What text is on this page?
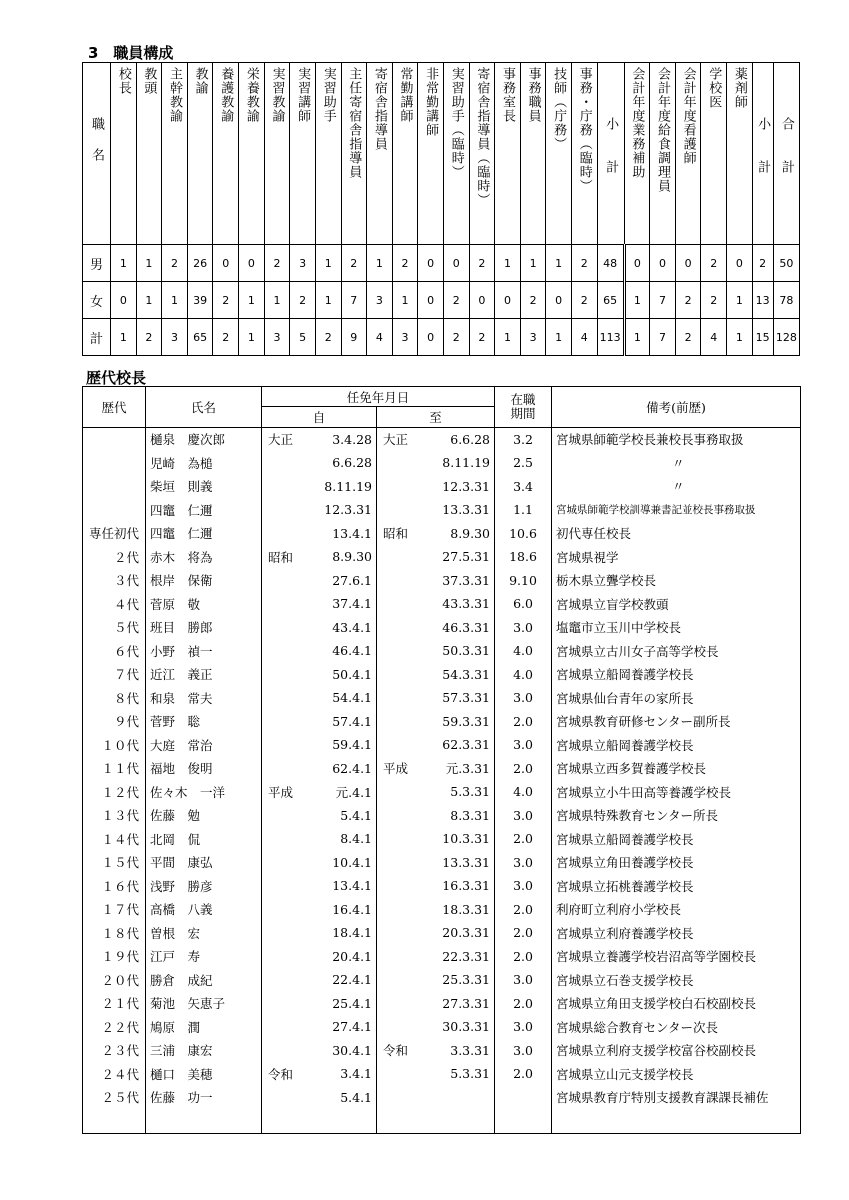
3　職員構成
職名	校長	教頭	主幹教諭	教諭	養護教諭	栄養教諭	実習教諭	実習講師	実習助手	主任寄宿舎指導員	寄宿舎指導員	常勤講師	非常勤講師	実習助手（臨時）	寄宿舎指導員（臨時）	事務室長	事務職員	技師（庁務）	事務・庁務（臨時）	小計	会計年度業務補助	会計年度給食調理員	会計年度看護師	学校医	薬剤師	小計	合計
男	1	1	2	26	0	0	2	3	1	2	1	2	0	0	2	1	1	1	2	48	0	0	0	2	0	2	50
女	0	1	1	39	2	1	1	2	1	7	3	1	0	2	0	0	2	0	2	65	1	7	2	2	1	13	78
計	1	2	3	65	2	1	3	5	2	9	4	3	0	2	2	1	3	1	4	113	1	7	2	4	1	15	128
歴代校長
歴代	氏名	任免年月日				在職期間	備考(前歴)
		自		至			
	樋泉　慶次郎	大正	3.4.28	大正	6.6.28	3.2	宮城県師範学校長兼校長事務取扱
	児崎　為槌		6.6.28		8.11.19	2.5	〃
	柴垣　則義		8.11.19		12.3.31	3.4	〃
	四竈　仁邇		12.3.31		13.3.31	1.1	宮城県師範学校訓導兼書記並校長事務取扱
専任初代	四竈　仁邇		13.4.1	昭和	8.9.30	10.6	初代専任校長
２代	赤木　将為	昭和	8.9.30		27.5.31	18.6	宮城県視学
３代	根岸　保衛		27.6.1		37.3.31	9.10	栃木県立聾学校長
４代	菅原　敬		37.4.1		43.3.31	6.0	宮城県立盲学校教頭
５代	班目　勝郎		43.4.1		46.3.31	3.0	塩竈市立玉川中学校長
６代	小野　禎一		46.4.1		50.3.31	4.0	宮城県立古川女子高等学校長
７代	近江　義正		50.4.1		54.3.31	4.0	宮城県立船岡養護学校長
８代	和泉　常夫		54.4.1		57.3.31	3.0	宮城県仙台青年の家所長
９代	菅野　聡		57.4.1		59.3.31	2.0	宮城県教育研修センター副所長
１０代	大庭　常治		59.4.1		62.3.31	3.0	宮城県立船岡養護学校長
１１代	福地　俊明		62.4.1	平成	元.3.31	2.0	宮城県立西多賀養護学校長
１２代	佐々木　一洋	平成	元.4.1		5.3.31	4.0	宮城県立小牛田高等養護学校長
１３代	佐藤　勉		5.4.1		8.3.31	3.0	宮城県特殊教育センター所長
１４代	北岡　侃		8.4.1		10.3.31	2.0	宮城県立船岡養護学校長
１５代	平間　康弘		10.4.1		13.3.31	3.0	宮城県立角田養護学校長
１６代	浅野　勝彦		13.4.1		16.3.31	3.0	宮城県立拓桃養護学校長
１７代	高橋　八義		16.4.1		18.3.31	2.0	利府町立利府小学校長
１８代	曽根　宏		18.4.1		20.3.31	2.0	宮城県立利府養護学校長
１９代	江戸　寿		20.4.1		22.3.31	2.0	宮城県立養護学校岩沼高等学園校長
２０代	勝倉　成紀		22.4.1		25.3.31	3.0	宮城県立石巻支援学校長
２１代	菊池　矢恵子		25.4.1		27.3.31	2.0	宮城県立角田支援学校白石校副校長
２２代	鳩原　潤		27.4.1		30.3.31	3.0	宮城県総合教育センター次長
２３代	三浦　康宏		30.4.1	令和	3.3.31	3.0	宮城県立利府支援学校富谷校副校長
２４代	樋口　美穂	令和	3.4.1		5.3.31	2.0	宮城県立山元支援学校長
２５代	佐藤　功一		5.4.1				宮城県教育庁特別支援教育課課長補佐
